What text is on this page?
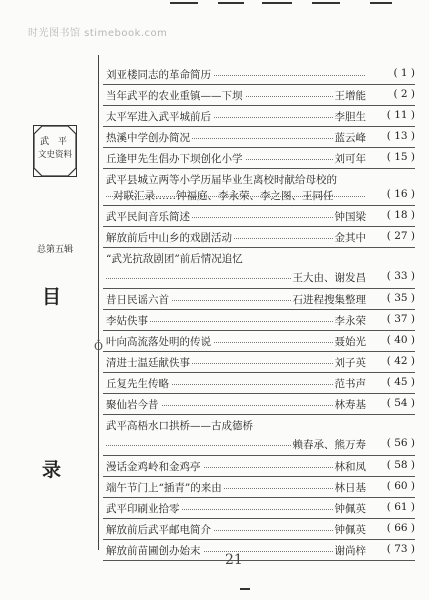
时光图书馆 stimebook.com
武 平
文史资料
总第五辑
目
录
Ô
刘亚楼同志的革命简历	( 1 )
当年武平的农业重镇——下坝	王增能	( 2 )
太平军进入武平城前后	李胆生	( 11 )
热溪中学创办简况	蓝云峰	( 13 )
丘逢甲先生倡办下坝创化小学	刘可年	( 15 )
武平县城立两等小学历届毕业生离校时献给母校的
对联汇录……钟福庭、李永荣、李之图、王同任	( 16 )
武平民间音乐简述	钟国梁	( 18 )
解放前后中山乡的戏剧活动	金其中	( 27 )
“武光抗敌剧团”前后情况追忆
王大由、谢发昌	( 33 )
昔日民谣六首	石进程搜集整理	( 35 )
李姑佚事	李永荣	( 37 )
叶向高流落处明的传说	聂始光	( 40 )
清进士温廷献佚事	刘子英	( 42 )
丘复先生传略	范书声	( 45 )
聚仙岩今昔	林寿基	( 54 )
武平高梧水口拱桥——古成德桥
赖春承、熊万寿	( 56 )
漫话金鸡岭和金鸡亭	林和凤	( 58 )
端午节门上“插青”的来由	林日基	( 60 )
武平印刷业拾零	钟佩英	( 61 )
解放前后武平邮电简介	钟佩英	( 66 )
解放前苗圃创办始末	谢尚梓	( 73 )
21
